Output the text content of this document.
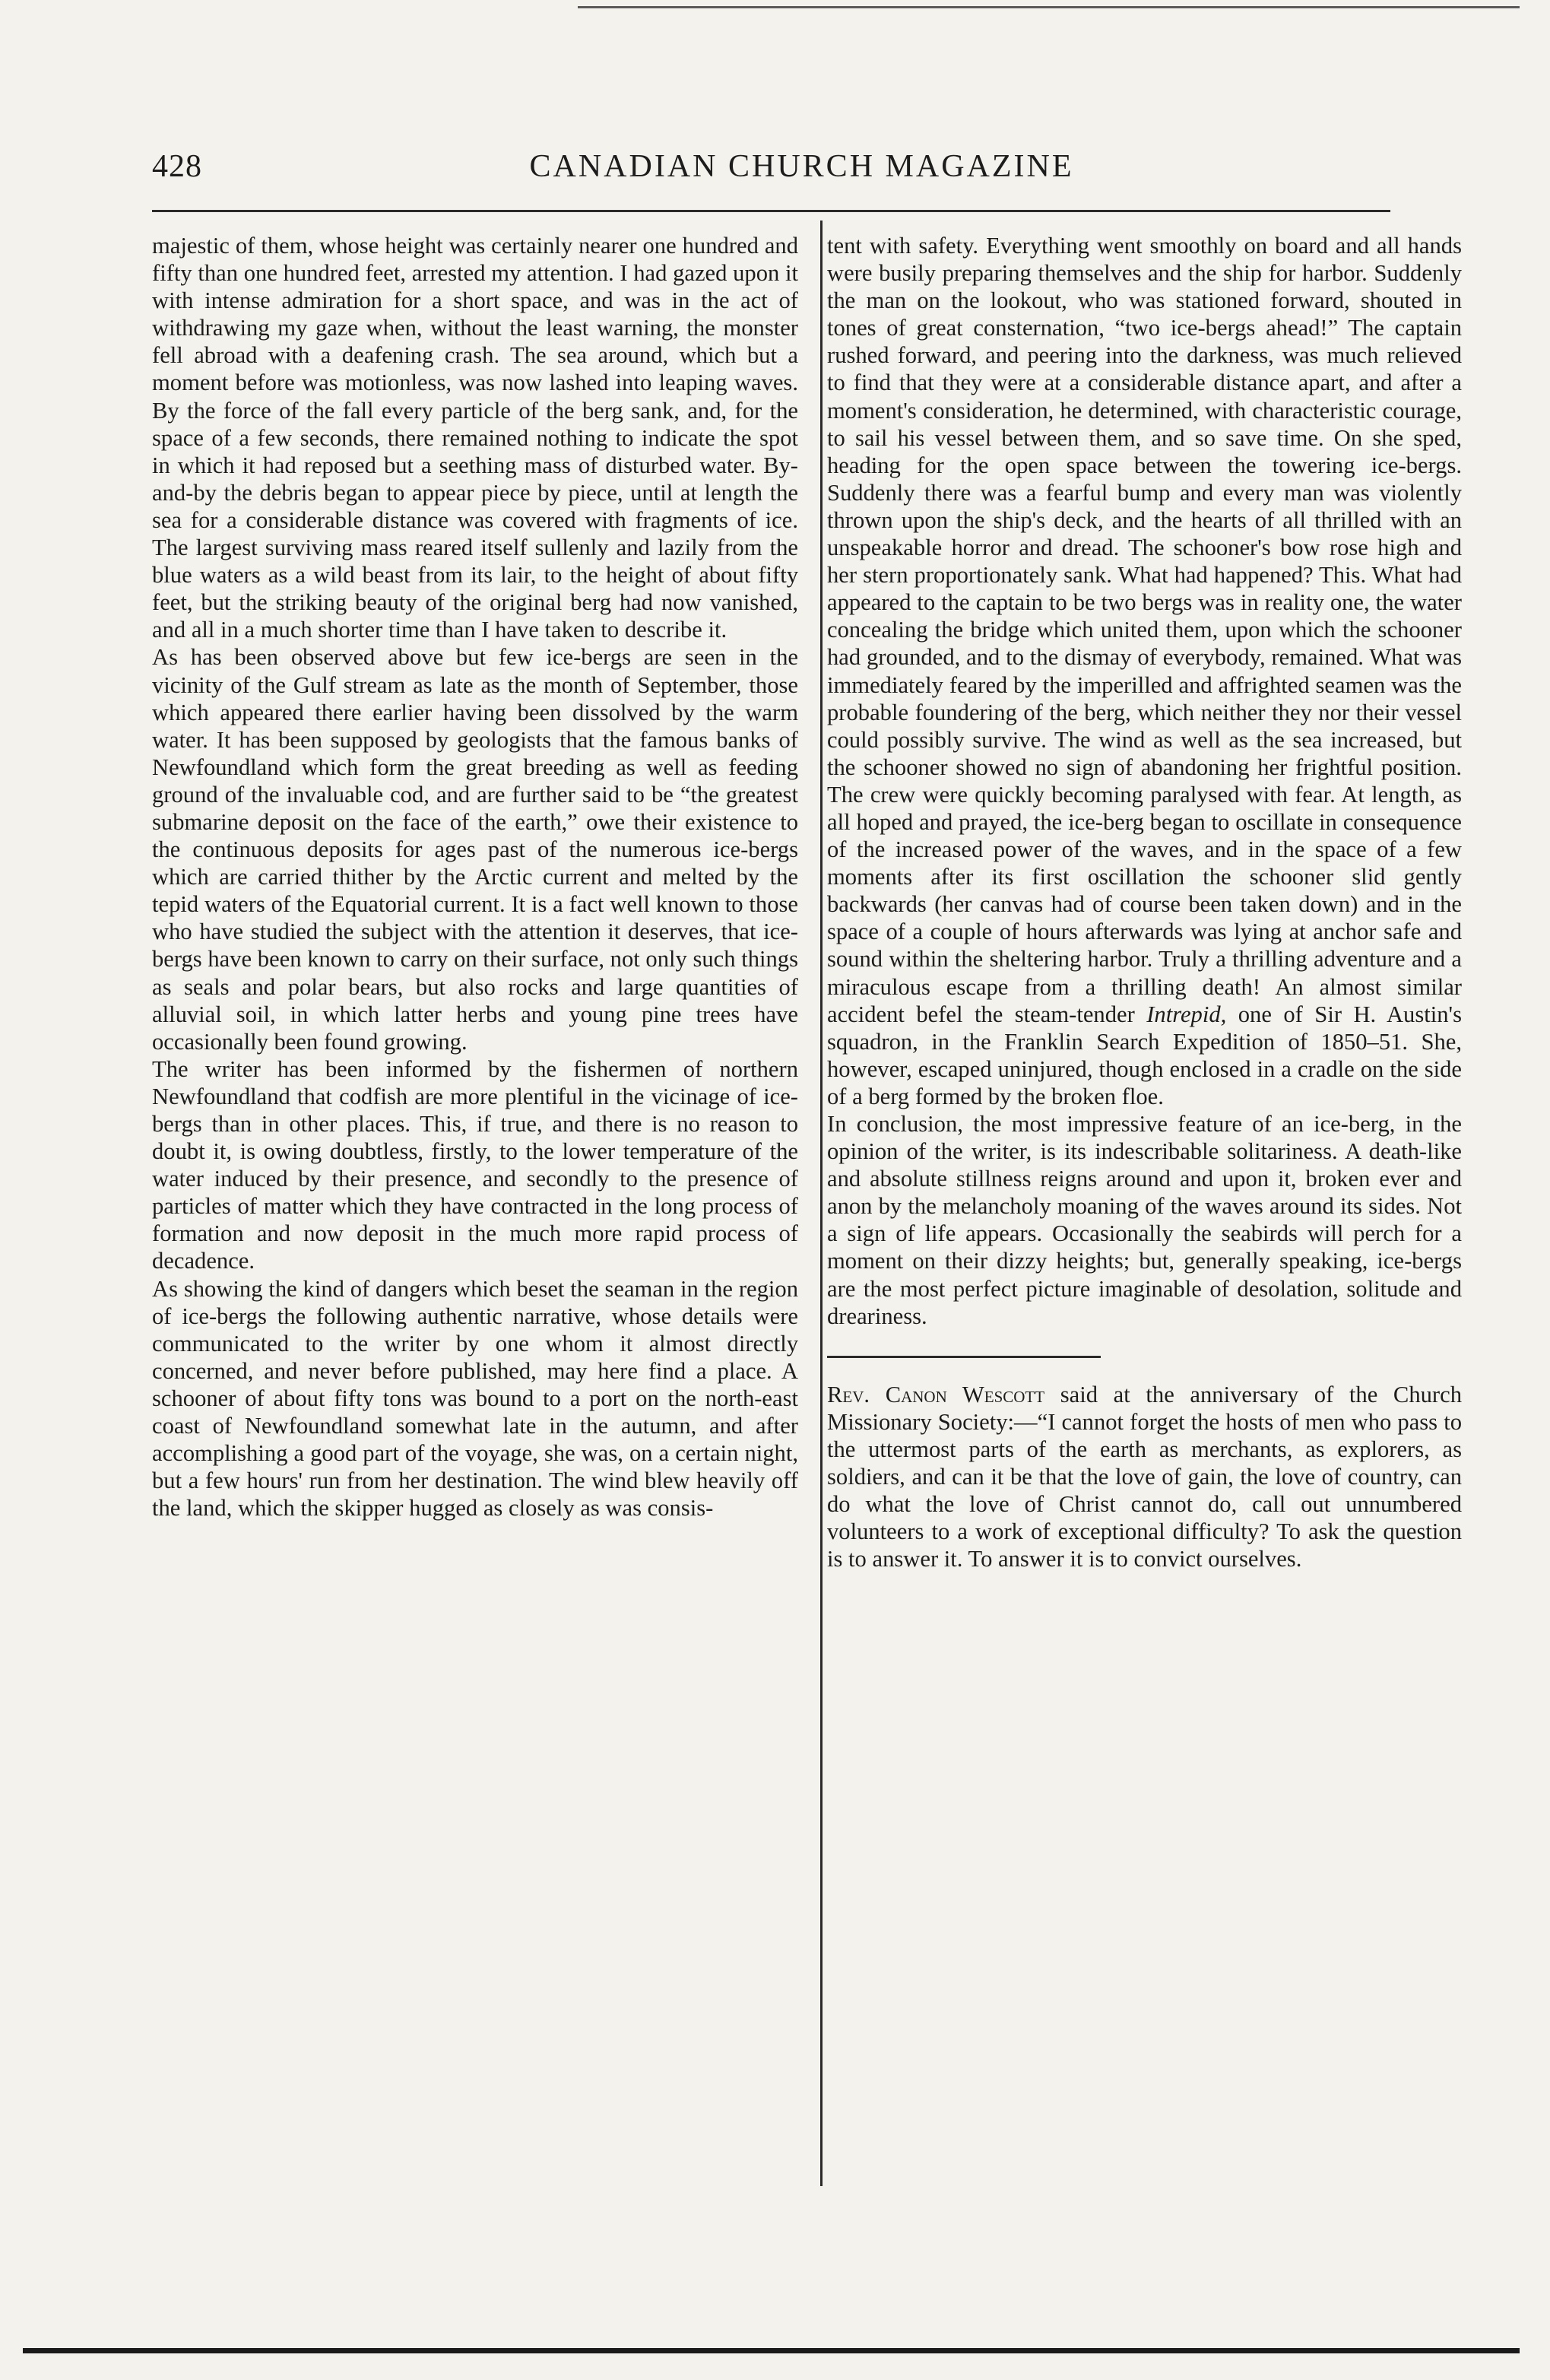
428	CANADIAN CHURCH MAGAZINE

majestic of them, whose height was certainly nearer one hundred and fifty than one hundred feet, arrested my attention. I had gazed upon it with intense admiration for a short space, and was in the act of withdrawing my gaze when, without the least warning, the monster fell abroad with a deafening crash. The sea around, which but a moment before was motionless, was now lashed into leaping waves. By the force of the fall every particle of the berg sank, and, for the space of a few seconds, there remained nothing to indicate the spot in which it had reposed but a seething mass of disturbed water. By-and-by the debris began to appear piece by piece, until at length the sea for a considerable distance was covered with fragments of ice. The largest surviving mass reared itself sullenly and lazily from the blue waters as a wild beast from its lair, to the height of about fifty feet, but the striking beauty of the original berg had now vanished, and all in a much shorter time than I have taken to describe it.

As has been observed above but few ice-bergs are seen in the vicinity of the Gulf stream as late as the month of September, those which appeared there earlier having been dissolved by the warm water. It has been supposed by geologists that the famous banks of Newfoundland which form the great breeding as well as feeding ground of the invaluable cod, and are further said to be “the greatest submarine deposit on the face of the earth,” owe their existence to the continuous deposits for ages past of the numerous ice-bergs which are carried thither by the Arctic current and melted by the tepid waters of the Equatorial current. It is a fact well known to those who have studied the subject with the attention it deserves, that ice-bergs have been known to carry on their surface, not only such things as seals and polar bears, but also rocks and large quantities of alluvial soil, in which latter herbs and young pine trees have occasionally been found growing.

The writer has been informed by the fishermen of northern Newfoundland that codfish are more plentiful in the vicinage of ice-bergs than in other places. This, if true, and there is no reason to doubt it, is owing doubtless, firstly, to the lower temperature of the water induced by their presence, and secondly to the presence of particles of matter which they have contracted in the long process of formation and now deposit in the much more rapid process of decadence.

As showing the kind of dangers which beset the seaman in the region of ice-bergs the following authentic narrative, whose details were communicated to the writer by one whom it almost directly concerned, and never before published, may here find a place. A schooner of about fifty tons was bound to a port on the north-east coast of Newfoundland somewhat late in the autumn, and after accomplishing a good part of the voyage, she was, on a certain night, but a few hours' run from her destination. The wind blew heavily off the land, which the skipper hugged as closely as was consis-

tent with safety. Everything went smoothly on board and all hands were busily preparing themselves and the ship for harbor. Suddenly the man on the lookout, who was stationed forward, shouted in tones of great consternation, “two ice-bergs ahead!” The captain rushed forward, and peering into the darkness, was much relieved to find that they were at a considerable distance apart, and after a moment's consideration, he determined, with characteristic courage, to sail his vessel between them, and so save time. On she sped, heading for the open space between the towering ice-bergs. Suddenly there was a fearful bump and every man was violently thrown upon the ship's deck, and the hearts of all thrilled with an unspeakable horror and dread. The schooner's bow rose high and her stern proportionately sank. What had happened? This. What had appeared to the captain to be two bergs was in reality one, the water concealing the bridge which united them, upon which the schooner had grounded, and to the dismay of everybody, remained. What was immediately feared by the imperilled and affrighted seamen was the probable foundering of the berg, which neither they nor their vessel could possibly survive. The wind as well as the sea increased, but the schooner showed no sign of abandoning her frightful position. The crew were quickly becoming paralysed with fear. At length, as all hoped and prayed, the ice-berg began to oscillate in consequence of the increased power of the waves, and in the space of a few moments after its first oscillation the schooner slid gently backwards (her canvas had of course been taken down) and in the space of a couple of hours afterwards was lying at anchor safe and sound within the sheltering harbor. Truly a thrilling adventure and a miraculous escape from a thrilling death! An almost similar accident befel the steam-tender Intrepid, one of Sir H. Austin's squadron, in the Franklin Search Expedition of 1850–51. She, however, escaped uninjured, though enclosed in a cradle on the side of a berg formed by the broken floe.

In conclusion, the most impressive feature of an ice-berg, in the opinion of the writer, is its indescribable solitariness. A death-like and absolute stillness reigns around and upon it, broken ever and anon by the melancholy moaning of the waves around its sides. Not a sign of life appears. Occasionally the seabirds will perch for a moment on their dizzy heights; but, generally speaking, ice-bergs are the most perfect picture imaginable of desolation, solitude and dreariness.

Rev. Canon Wescott said at the anniversary of the Church Missionary Society:—“I cannot forget the hosts of men who pass to the uttermost parts of the earth as merchants, as explorers, as soldiers, and can it be that the love of gain, the love of country, can do what the love of Christ cannot do, call out unnumbered volunteers to a work of exceptional difficulty? To ask the question is to answer it. To answer it is to convict ourselves.
